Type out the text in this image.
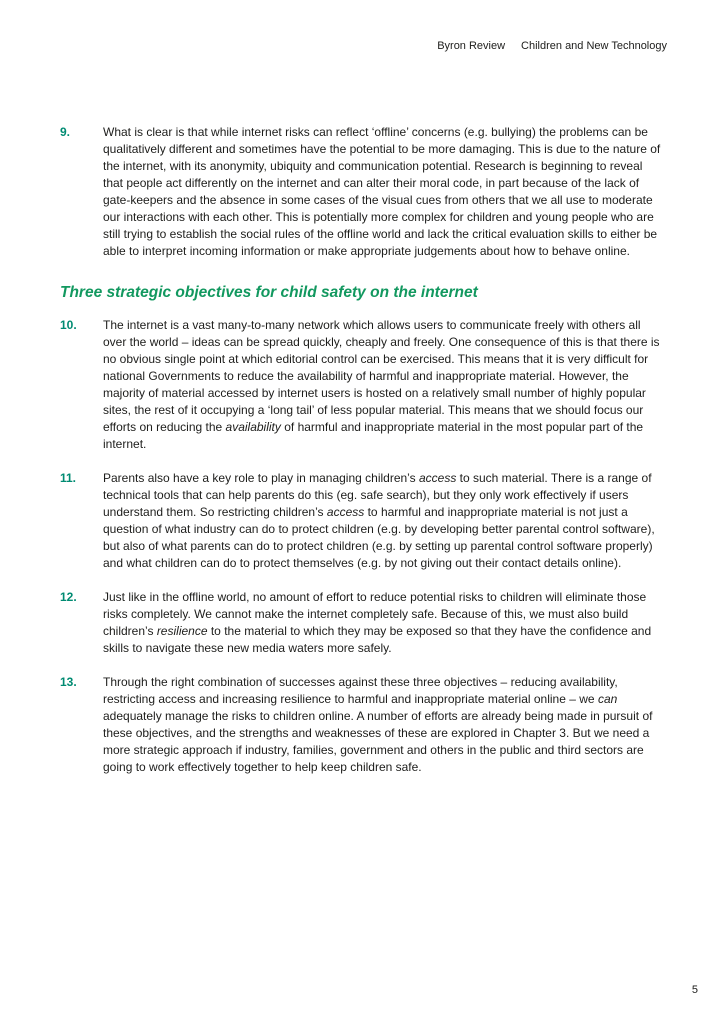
Byron Review Children and New Technology
9.	What is clear is that while internet risks can reflect ‘offline’ concerns (e.g. bullying) the problems can be qualitatively different and sometimes have the potential to be more damaging. This is due to the nature of the internet, with its anonymity, ubiquity and communication potential. Research is beginning to reveal that people act differently on the internet and can alter their moral code, in part because of the lack of gate-keepers and the absence in some cases of the visual cues from others that we all use to moderate our interactions with each other. This is potentially more complex for children and young people who are still trying to establish the social rules of the offline world and lack the critical evaluation skills to either be able to interpret incoming information or make appropriate judgements about how to behave online.

Three strategic objectives for child safety on the internet
10.	The internet is a vast many-to-many network which allows users to communicate freely with others all over the world – ideas can be spread quickly, cheaply and freely. One consequence of this is that there is no obvious single point at which editorial control can be exercised. This means that it is very difficult for national Governments to reduce the availability of harmful and inappropriate material. However, the majority of material accessed by internet users is hosted on a relatively small number of highly popular sites, the rest of it occupying a ‘long tail’ of less popular material. This means that we should focus our efforts on reducing the availability of harmful and inappropriate material in the most popular part of the internet.

11.	Parents also have a key role to play in managing children’s access to such material. There is a range of technical tools that can help parents do this (eg. safe search), but they only work effectively if users understand them. So restricting children’s access to harmful and inappropriate material is not just a question of what industry can do to protect children (e.g. by developing better parental control software), but also of what parents can do to protect children (e.g. by setting up parental control software properly) and what children can do to protect themselves (e.g. by not giving out their contact details online).

12.	Just like in the offline world, no amount of effort to reduce potential risks to children will eliminate those risks completely. We cannot make the internet completely safe. Because of this, we must also build children’s resilience to the material to which they may be exposed so that they have the confidence and skills to navigate these new media waters more safely.

13.	Through the right combination of successes against these three objectives – reducing availability, restricting access and increasing resilience to harmful and inappropriate material online – we can adequately manage the risks to children online. A number of efforts are already being made in pursuit of these objectives, and the strengths and weaknesses of these are explored in Chapter 3. But we need a more strategic approach if industry, families, government and others in the public and third sectors are going to work effectively together to help keep children safe.

5
